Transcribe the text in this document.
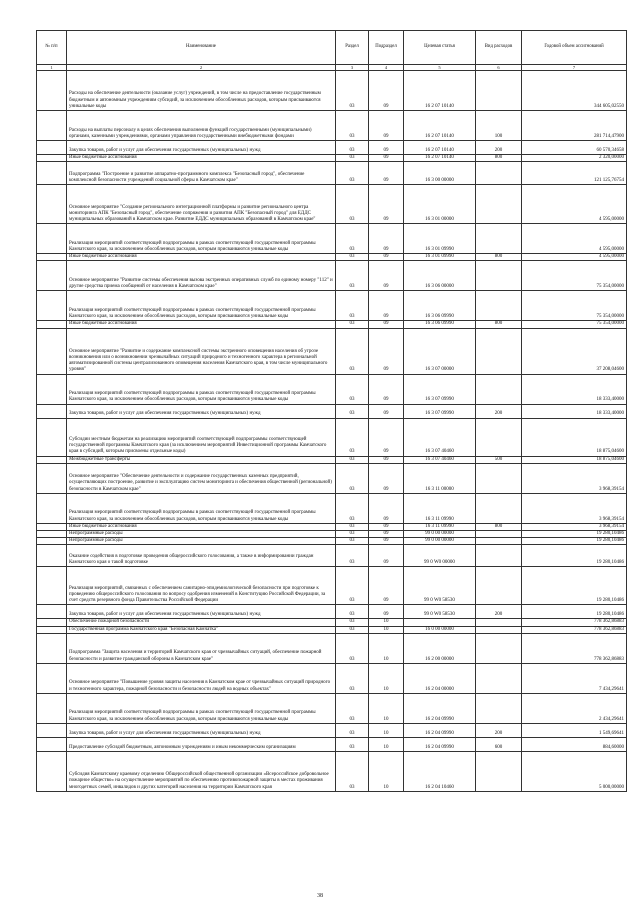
№ п/п	Наименование	Раздел	Подраздел	Целевая статья	Вид расходов	Годовой объем ассигнований
1	2	3	4	5	6	7
	Расходы на обеспечение деятельности (оказание услуг) учреждений, в том числе на предоставление государственным бюджетным и автономным учреждениям субсидий, за исключением обособленных расходов, которым присваиваются уникальные коды	03	09	16 2 07 10140		344 605,02550
	Расходы на выплаты персоналу в целях обеспечения выполнения функций государственными (муниципальными) органами, казенными учреждениями, органами управления государственными внебюджетными фондами	03	09	16 2 07 10140	100	281 714,47900
	Закупка товаров, работ и услуг для обеспечения государственных (муниципальных) нужд	03	09	16 2 07 10140	200	60 570,34658
	Иные бюджетные ассигнования	03	09	16 2 07 10140	800	2 320,00000
	Подпрограмма "Построение и развитие аппаратно-программного комплекса "Безопасный город", обеспечение комплексной безопасности учреждений социальной сферы в Камчатском крае"	03	09	16 3 00 00000		121 125,76754
	Основное мероприятие "Создание регионального интеграционной платформы и развитие регионального центра мониторинга АПК "Безопасный город", обеспечение сопряжения и развития АПК "Безопасный город" для ЕДДС муниципальных образований в Камчатском крае. Развитие ЕДДС муниципальных образований в Камчатском крае"	03	09	16 3 01 00000		4 595,00000
	Реализация мероприятий соответствующей подпрограммы в рамках соответствующей государственной программы Камчатского края, за исключением обособленных расходов, которым присваиваются уникальные коды	03	09	16 3 01 09990		4 595,00000
	Иные бюджетные ассигнования	03	09	16 3 01 09990	800	4 595,00000
	Основное мероприятие "Развитие системы обеспечения вызова экстренных оперативных служб по единому номеру "112" и другие средства приема сообщений от населения в Камчатском крае"	03	09	16 3 06 00000		75 354,00000
	Реализация мероприятий соответствующей подпрограммы в рамках соответствующей государственной программы Камчатского края, за исключением обособленных расходов, которым присваиваются уникальные коды	03	09	16 3 06 09990		75 354,00000
	Иные бюджетные ассигнования	03	09	16 3 06 09990	800	75 354,00000
	Основное мероприятие "Развитие и содержание комплексной системы экстренного оповещения населения об угрозе возникновения или о возникновении чрезвычайных ситуаций природного и техногенного характера в региональной автоматизированной системы централизованного оповещения населения Камчатского края, в том числе муниципального уровня"	03	09	16 3 07 00000		37 208,04600
	Реализация мероприятий соответствующей подпрограммы в рамках соответствующей государственной программы Камчатского края, за исключением обособленных расходов, которым присваиваются уникальные коды	03	09	16 3 07 09990		18 333,40000
	Закупка товаров, работ и услуг для обеспечения государственных (муниципальных) нужд	03	09	16 3 07 09990	200	18 333,40000
	Субсидии местным бюджетам на реализацию мероприятий соответствующей подпрограммы соответствующей государственной программы Камчатского края (за исключением мероприятий Инвестиционной программы Камчатского края в субсидий, которым присвоены отдельные коды)	03	09	16 3 07 40460		18 875,04600
	Межбюджетные трансферты	03	09	16 3 07 40460	500	18 875,04600
	Основное мероприятие "Обеспечение деятельности и содержание государственных казенных предприятий, осуществляющих построение, развитие и эксплуатацию систем мониторинга и обеспечения общественной (региональной) безопасности в Камчатском крае"	03	09	16 3 11 00000		3 968,39154
	Реализация мероприятий соответствующей подпрограммы в рамках соответствующей государственной программы Камчатского края, за исключением обособленных расходов, которым присваиваются уникальные коды	03	09	16 3 11 09990		3 968,39154
	Иные бюджетные ассигнования	03	09	16 3 11 09990	800	3 968,39154
	Непрограммные расходы	03	09	99 0 00 00000		19 280,10486
	Непрограммные расходы	03	09	99 0 00 00000		19 280,10486
	Оказание содействия в подготовке проведения общероссийского голосования, а также в информировании граждан Камчатского края о такой подготовке	03	09	99 0 W0 00000		19 280,10486
	Реализация мероприятий, связанных с обеспечением санитарно-эпидемиологической безопасности при подготовке к проведению общероссийского голосования по вопросу одобрения изменений в Конституцию Российской Федерации, за счет средств резервного фонда Правительства Российской Федерации	03	09	99 0 W0 58530		19 280,10486
	Закупка товаров, работ и услуг для обеспечения государственных (муниципальных) нужд	03	09	99 0 W0 58530	200	19 280,10486
	Обеспечение пожарной безопасности	03	10			778 362,86883
	Государственная программа Камчатского края "Безопасная Камчатка"	03	10	16 0 00 00000		778 362,86883
	Подпрограмма "Защита населения и территорий Камчатского края от чрезвычайных ситуаций, обеспечение пожарной безопасности и развитие гражданской обороны в Камчатском крае"	03	10	16 2 00 00000		778 362,86883
	Основное мероприятие "Повышение уровня защиты населения в Камчатском крае от чрезвычайных ситуаций природного и техногенного характера, пожарной безопасности и безопасности людей на водных объектах"	03	10	16 2 04 00000		7 434,29641
	Реализация мероприятий соответствующей подпрограммы в рамках соответствующей государственной программы Камчатского края, за исключением обособленных расходов, которым присваиваются уникальные коды	03	10	16 2 04 09990		2 434,29641
	Закупка товаров, работ и услуг для обеспечения государственных (муниципальных) нужд	03	10	16 2 04 09990	200	1 549,69641
	Предоставление субсидий бюджетным, автономным учреждениям и иным некоммерческим организациям	03	10	16 2 04 09990	600	884,60000
	Субсидия Камчатскому краевому отделению Общероссийской общественной организации «Всероссийское добровольное пожарное общество» на осуществление мероприятий по обеспечению противопожарной защиты в местах проживания многодетных семей, инвалидов и других категорий населения на территории Камчатского края	03	10	16 2 04 10460		5 000,00000
38
